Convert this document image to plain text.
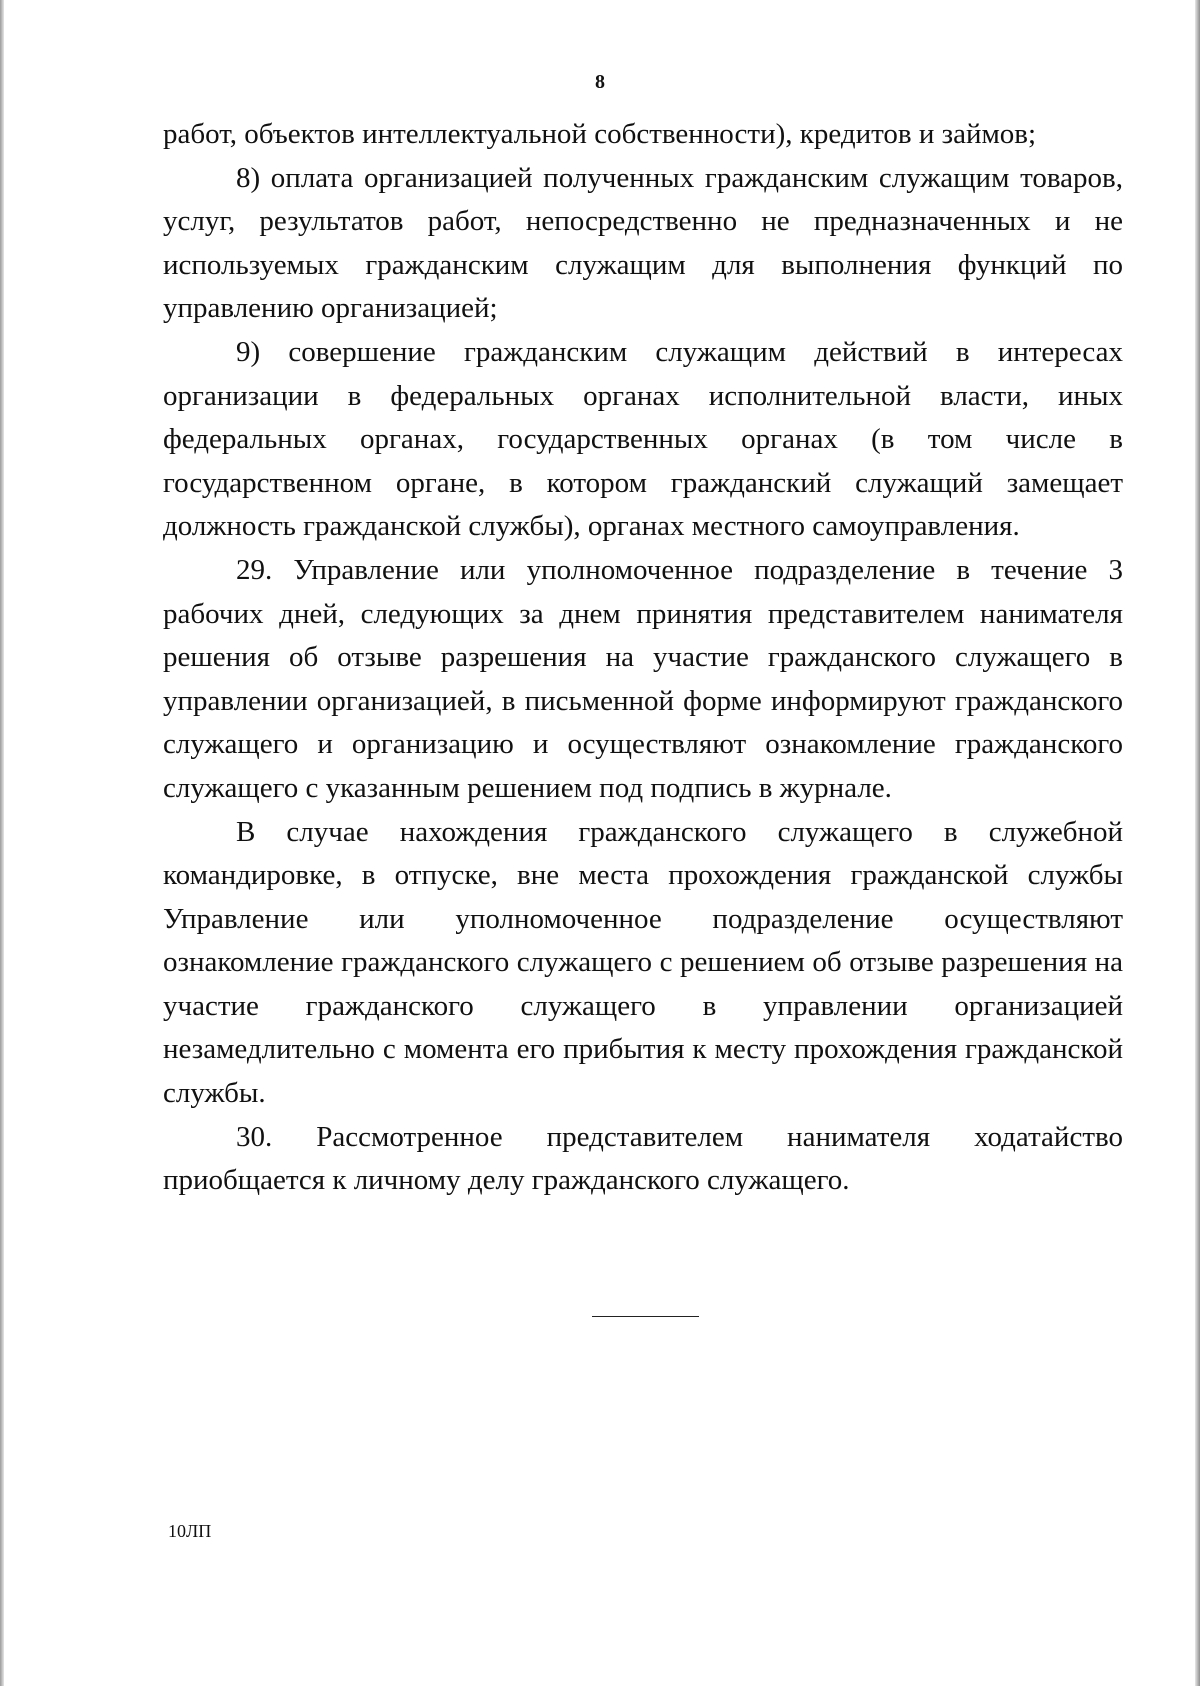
8

работ, объектов интеллектуальной собственности), кредитов и займов;

8) оплата организацией полученных гражданским служащим товаров, услуг, результатов работ, непосредственно не предназначенных и не используемых гражданским служащим для выполнения функций по управлению организацией;

9) совершение гражданским служащим действий в интересах организации в федеральных органах исполнительной власти, иных федеральных органах, государственных органах (в том числе в государственном органе, в котором гражданский служащий замещает должность гражданской службы), органах местного самоуправления.

29. Управление или уполномоченное подразделение в течение 3 рабочих дней, следующих за днем принятия представителем нанимателя решения об отзыве разрешения на участие гражданского служащего в управлении организацией, в письменной форме информируют гражданского служащего и организацию и осуществляют ознакомление гражданского служащего с указанным решением под подпись в журнале.

В случае нахождения гражданского служащего в служебной командировке, в отпуске, вне места прохождения гражданской службы Управление или уполномоченное подразделение осуществляют ознакомление гражданского служащего с решением об отзыве разрешения на участие гражданского служащего в управлении организацией незамедлительно с момента его прибытия к месту прохождения гражданской службы.

30. Рассмотренное представителем нанимателя ходатайство приобщается к личному делу гражданского служащего.

10ЛП
